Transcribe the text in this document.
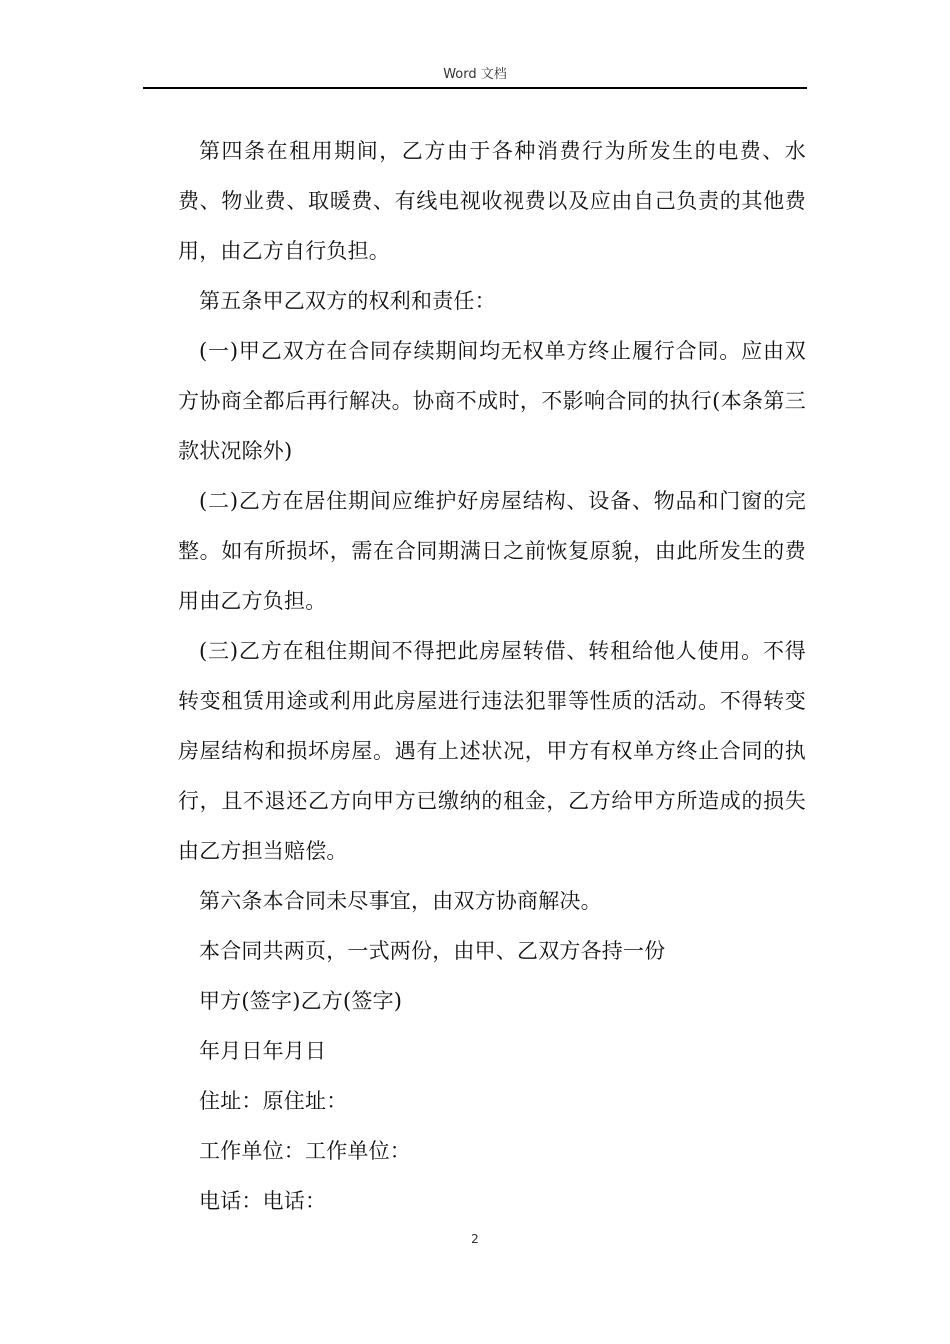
Word 文档

第四条在租用期间，乙方由于各种消费行为所发生的电费、水费、物业费、取暖费、有线电视收视费以及应由自己负责的其他费用，由乙方自行负担。

第五条甲乙双方的权利和责任：

(一)甲乙双方在合同存续期间均无权单方终止履行合同。应由双方协商全都后再行解决。协商不成时，不影响合同的执行(本条第三款状况除外)

(二)乙方在居住期间应维护好房屋结构、设备、物品和门窗的完整。如有所损坏，需在合同期满日之前恢复原貌，由此所发生的费用由乙方负担。

(三)乙方在租住期间不得把此房屋转借、转租给他人使用。不得转变租赁用途或利用此房屋进行违法犯罪等性质的活动。不得转变房屋结构和损坏房屋。遇有上述状况，甲方有权单方终止合同的执行，且不退还乙方向甲方已缴纳的租金，乙方给甲方所造成的损失由乙方担当赔偿。

第六条本合同未尽事宜，由双方协商解决。

本合同共两页，一式两份，由甲、乙双方各持一份

甲方(签字)乙方(签字)

年月日年月日

住址：原住址：

工作单位：工作单位：

电话：电话：

2
